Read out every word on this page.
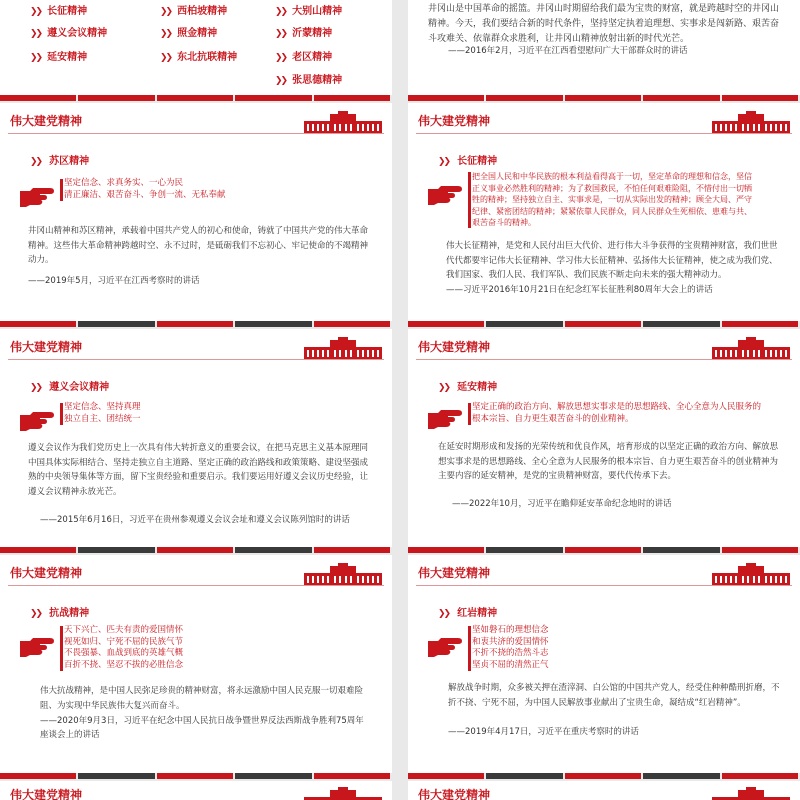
❯❯ 长征精神
❯❯ 遵义会议精神
❯❯ 延安精神
❯❯ 西柏坡精神
❯❯ 照金精神
❯❯ 东北抗联精神
❯❯ 大别山精神
❯❯ 沂蒙精神
❯❯ 老区精神
❯❯ 张思德精神
井冈山是中国革命的摇篮。井冈山时期留给我们最为宝贵的财富，就是跨越时空的井冈山精神。今天，我们要结合新的时代条件，坚持坚定执着追理想、实事求是闯新路、艰苦奋斗攻难关、依靠群众求胜利，让井冈山精神放射出新的时代光芒。
——2016年2月，习近平在江西看望慰问广大干部群众时的讲话
伟大建党精神
❯❯ 苏区精神
坚定信念、求真务实、一心为民
清正廉洁、艰苦奋斗、争创一流、无私奉献
井冈山精神和苏区精神，承载着中国共产党人的初心和使命，铸就了中国共产党的伟大革命精神。这些伟大革命精神跨越时空、永不过时，是砥砺我们不忘初心、牢记使命的不竭精神动力。
——2019年5月，习近平在江西考察时的讲话
伟大建党精神
❯❯ 长征精神
把全国人民和中华民族的根本利益看得高于一切，坚定革命的理想和信念，坚信
正义事业必然胜利的精神；为了救国救民，不怕任何艰难险阻，不惜付出一切牺
牲的精神；坚持独立自主、实事求是，一切从实际出发的精神；顾全大局、严守
纪律、紧密团结的精神；紧紧依靠人民群众，同人民群众生死相依、患难与共、
艰苦奋斗的精神。
伟大长征精神，是党和人民付出巨大代价、进行伟大斗争获得的宝贵精神财富，我们世世代代都要牢记伟大长征精神、学习伟大长征精神、弘扬伟大长征精神，使之成为我们党、我们国家、我们人民、我们军队、我们民族不断走向未来的强大精神动力。
——习近平2016年10月21日在纪念红军长征胜利80周年大会上的讲话
伟大建党精神
❯❯ 遵义会议精神
坚定信念、坚持真理
独立自主、团结统一
遵义会议作为我们党历史上一次具有伟大转折意义的重要会议，在把马克思主义基本原理同中国具体实际相结合、坚持走独立自主道路、坚定正确的政治路线和政策策略、建设坚强成熟的中央领导集体等方面，留下宝贵经验和重要启示。我们要运用好遵义会议历史经验，让遵义会议精神永放光芒。
——2015年6月16日，习近平在贵州参观遵义会议会址和遵义会议陈列馆时的讲话
伟大建党精神
❯❯ 延安精神
坚定正确的政治方向、解放思想实事求是的思想路线、全心全意为人民服务的
根本宗旨、自力更生艰苦奋斗的创业精神。
在延安时期形成和发扬的光荣传统和优良作风，培育形成的以坚定正确的政治方向、解放思想实事求是的思想路线、全心全意为人民服务的根本宗旨、自力更生艰苦奋斗的创业精神为主要内容的延安精神，是党的宝贵精神财富，要代代传承下去。
——2022年10月，习近平在瞻仰延安革命纪念地时的讲话
伟大建党精神
❯❯ 抗战精神
天下兴亡、匹夫有责的爱国情怀
视死如归、宁死不屈的民族气节
不畏强暴、血战到底的英雄气概
百折不挠、坚忍不拔的必胜信念
伟大抗战精神，是中国人民弥足珍贵的精神财富，将永远激励中国人民克服一切艰难险阻、为实现中华民族伟大复兴而奋斗。
——2020年9月3日，习近平在纪念中国人民抗日战争暨世界反法西斯战争胜利75周年座谈会上的讲话
伟大建党精神
❯❯ 红岩精神
坚如磐石的理想信念
和衷共济的爱国情怀
不折不挠的浩然斗志
坚贞不屈的清然正气
解放战争时期，众多被关押在渣滓洞、白公馆的中国共产党人，经受住种种酷刑折磨，不折不挠、宁死不屈，为中国人民解放事业献出了宝贵生命，凝结成“红岩精神”。
——2019年4月17日，习近平在重庆考察时的讲话
伟大建党精神	伟大建党精神
